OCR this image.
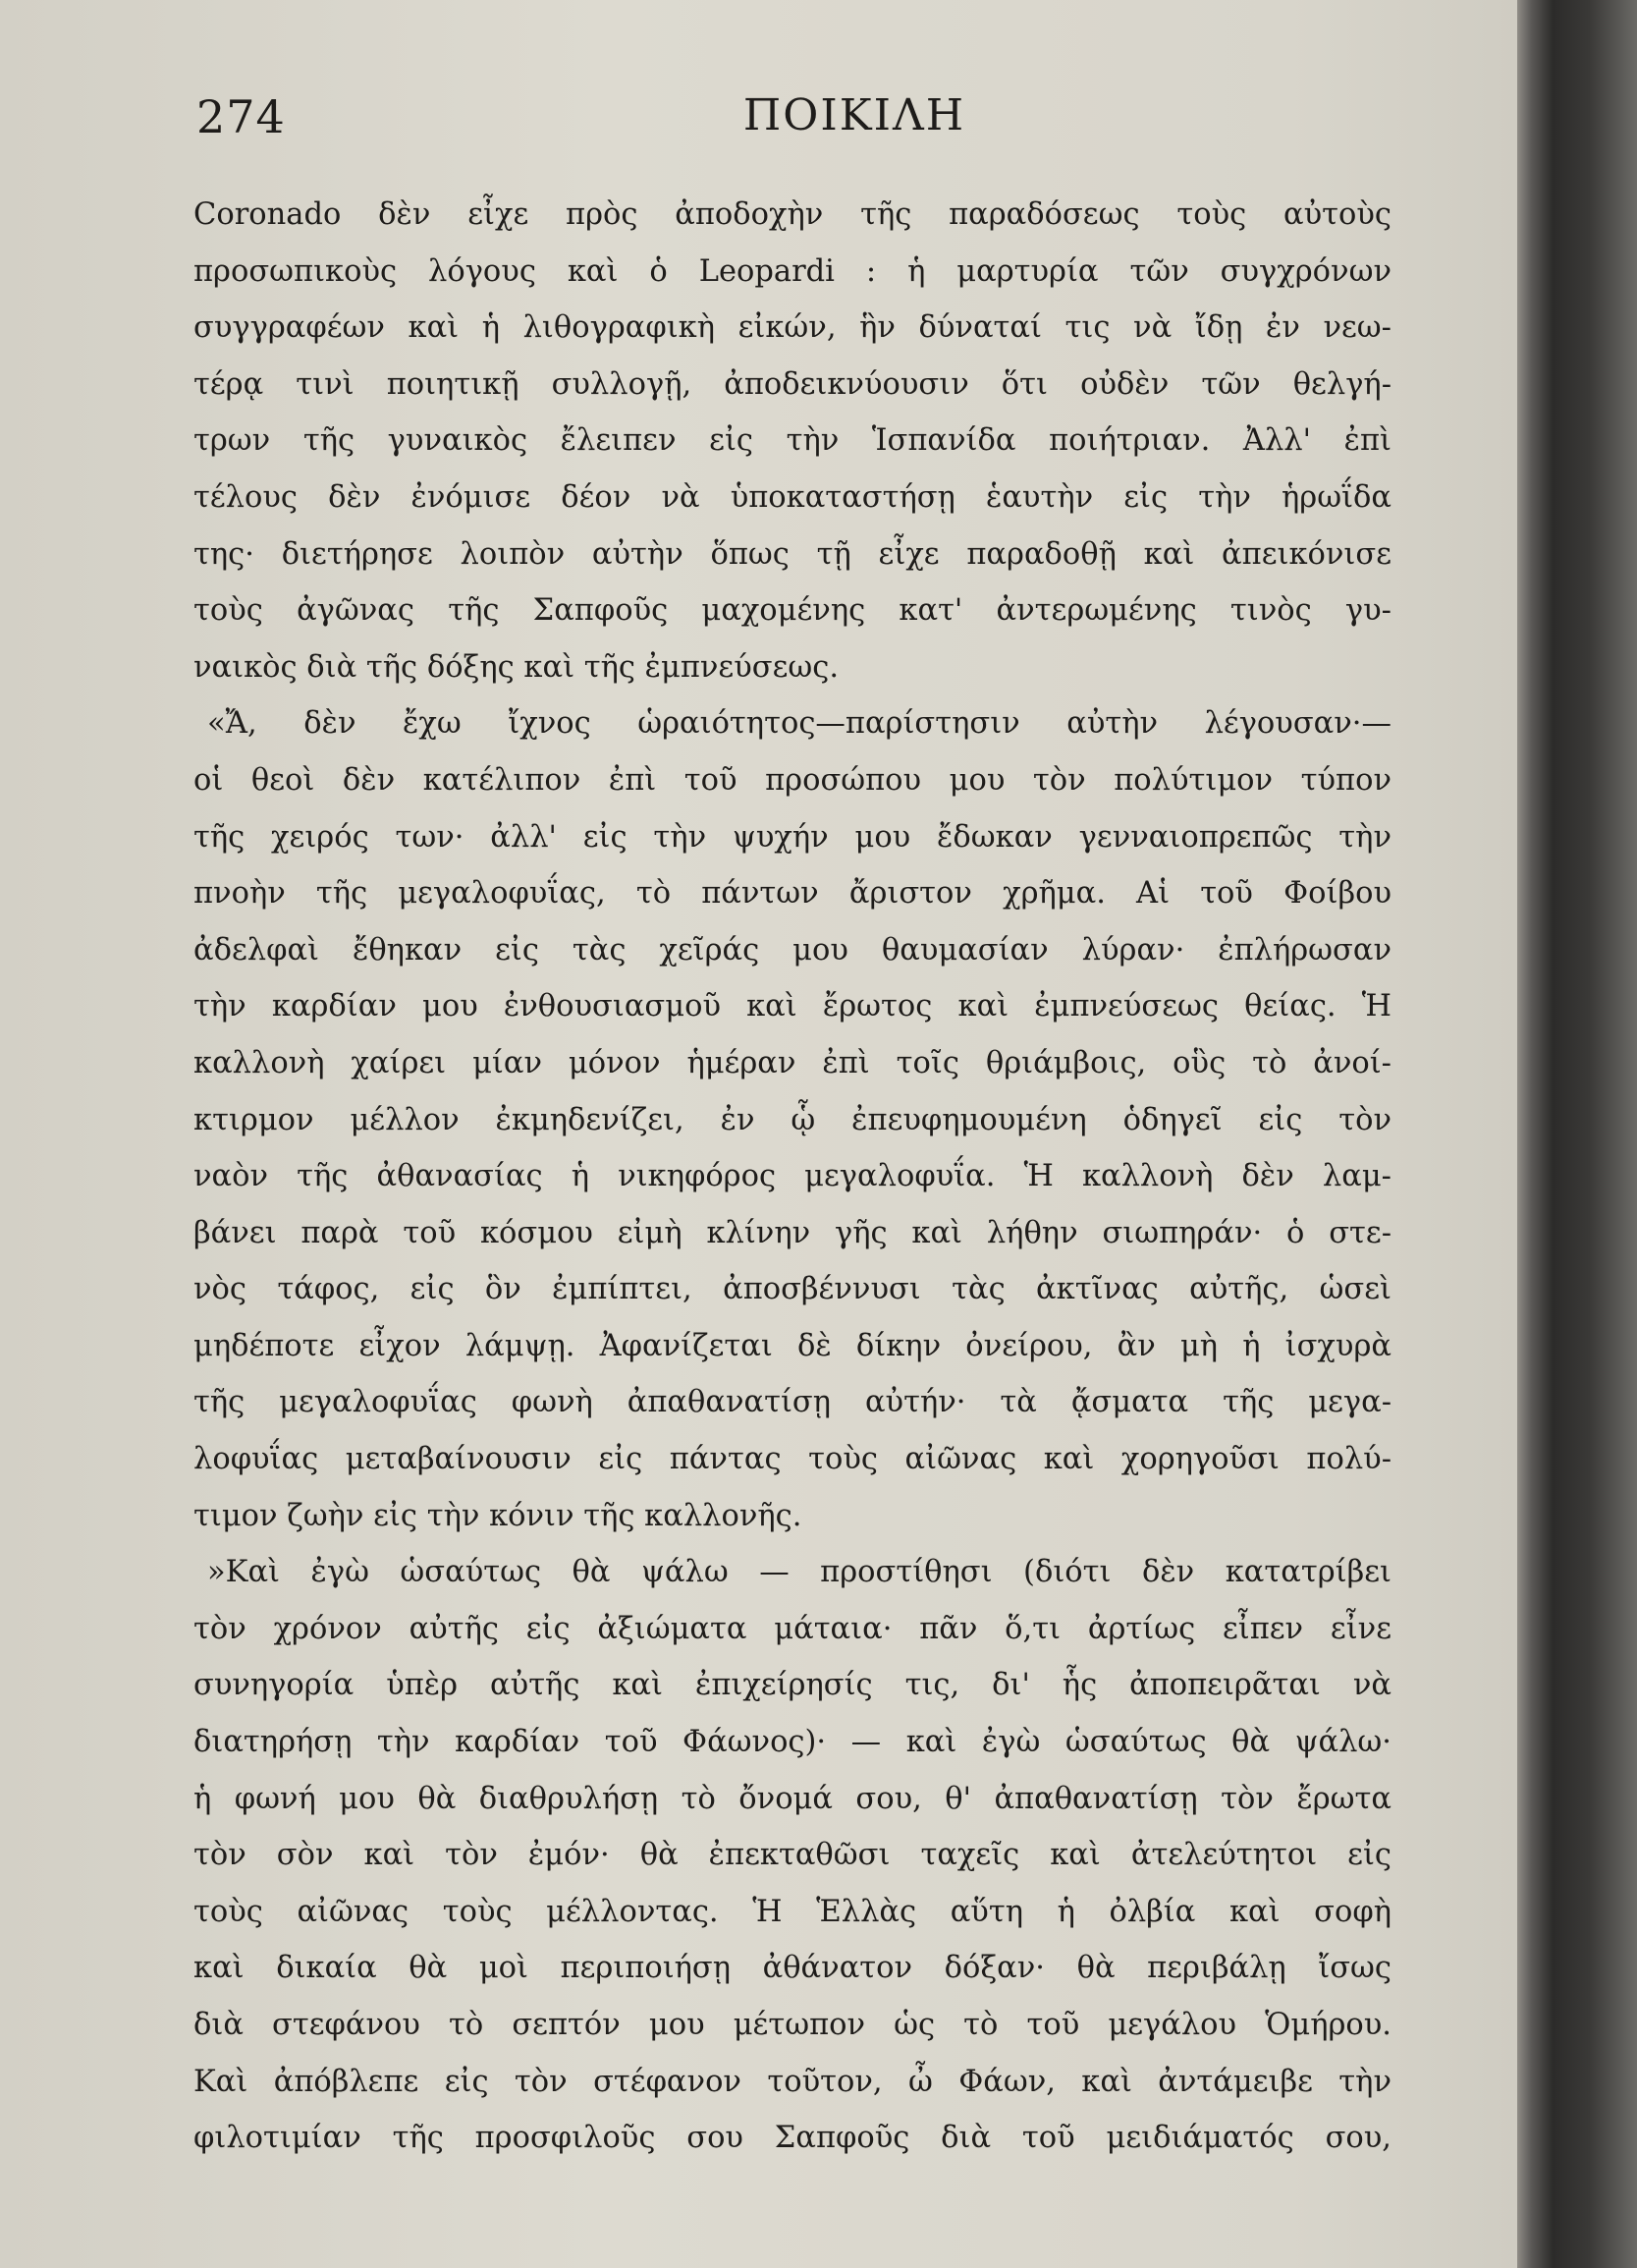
274	ΠΟΙΚΙΛΗ
Coronado δὲν εἶχε πρὸς ἀποδοχὴν τῆς παραδόσεως τοὺς αὐτοὺς
προσωπικοὺς λόγους καὶ ὁ Leopardi : ἡ μαρτυρία τῶν συγχρόνων
συγγραφέων καὶ ἡ λιθογραφικὴ εἰκών, ἣν δύναταί τις νὰ ἴδῃ ἐν νεω-
τέρᾳ τινὶ ποιητικῇ συλλογῇ, ἀποδεικνύουσιν ὅτι οὐδὲν τῶν θελγή-
τρων τῆς γυναικὸς ἔλειπεν εἰς τὴν Ἱσπανίδα ποιήτριαν. Ἀλλ' ἐπὶ
τέλους δὲν ἐνόμισε δέον νὰ ὑποκαταστήσῃ ἑαυτὴν εἰς τὴν ἡρωΐδα
της· διετήρησε λοιπὸν αὐτὴν ὅπως τῇ εἶχε παραδοθῇ καὶ ἀπεικόνισε
τοὺς ἀγῶνας τῆς Σαπφοῦς μαχομένης κατ' ἀντερωμένης τινὸς γυ-
ναικὸς διὰ τῆς δόξης καὶ τῆς ἐμπνεύσεως.
«Ἄ, δὲν ἔχω ἴχνος ὡραιότητος—παρίστησιν αὐτὴν λέγουσαν·—
οἱ θεοὶ δὲν κατέλιπον ἐπὶ τοῦ προσώπου μου τὸν πολύτιμον τύπον
τῆς χειρός των· ἀλλ' εἰς τὴν ψυχήν μου ἔδωκαν γενναιοπρεπῶς τὴν
πνοὴν τῆς μεγαλοφυΐας, τὸ πάντων ἄριστον χρῆμα. Αἱ τοῦ Φοίβου
ἀδελφαὶ ἔθηκαν εἰς τὰς χεῖράς μου θαυμασίαν λύραν· ἐπλήρωσαν
τὴν καρδίαν μου ἐνθουσιασμοῦ καὶ ἔρωτος καὶ ἐμπνεύσεως θείας. Ἡ
καλλονὴ χαίρει μίαν μόνον ἡμέραν ἐπὶ τοῖς θριάμβοις, οὓς τὸ ἀνοί-
κτιρμον μέλλον ἐκμηδενίζει, ἐν ᾧ ἐπευφημουμένη ὁδηγεῖ εἰς τὸν
ναὸν τῆς ἀθανασίας ἡ νικηφόρος μεγαλοφυΐα. Ἡ καλλονὴ δὲν λαμ-
βάνει παρὰ τοῦ κόσμου εἰμὴ κλίνην γῆς καὶ λήθην σιωπηράν· ὁ στε-
νὸς τάφος, εἰς ὃν ἐμπίπτει, ἀποσβέννυσι τὰς ἀκτῖνας αὐτῆς, ὡσεὶ
μηδέποτε εἶχον λάμψῃ. Ἀφανίζεται δὲ δίκην ὀνείρου, ἂν μὴ ἡ ἰσχυρὰ
τῆς μεγαλοφυΐας φωνὴ ἀπαθανατίσῃ αὐτήν· τὰ ᾄσματα τῆς μεγα-
λοφυΐας μεταβαίνουσιν εἰς πάντας τοὺς αἰῶνας καὶ χορηγοῦσι πολύ-
τιμον ζωὴν εἰς τὴν κόνιν τῆς καλλονῆς.
»Καὶ ἐγὼ ὡσαύτως θὰ ψάλω — προστίθησι (διότι δὲν κατατρίβει
τὸν χρόνον αὐτῆς εἰς ἀξιώματα μάταια· πᾶν ὅ,τι ἀρτίως εἶπεν εἶνε
συνηγορία ὑπὲρ αὐτῆς καὶ ἐπιχείρησίς τις, δι' ἧς ἀποπειρᾶται νὰ
διατηρήσῃ τὴν καρδίαν τοῦ Φάωνος)· — καὶ ἐγὼ ὡσαύτως θὰ ψάλω·
ἡ φωνή μου θὰ διαθρυλήσῃ τὸ ὄνομά σου, θ' ἀπαθανατίσῃ τὸν ἔρωτα
τὸν σὸν καὶ τὸν ἐμόν· θὰ ἐπεκταθῶσι ταχεῖς καὶ ἀτελεύτητοι εἰς
τοὺς αἰῶνας τοὺς μέλλοντας. Ἡ Ἑλλὰς αὕτη ἡ ὀλβία καὶ σοφὴ
καὶ δικαία θὰ μοὶ περιποιήσῃ ἀθάνατον δόξαν· θὰ περιβάλῃ ἴσως
διὰ στεφάνου τὸ σεπτόν μου μέτωπον ὡς τὸ τοῦ μεγάλου Ὁμήρου.
Καὶ ἀπόβλεπε εἰς τὸν στέφανον τοῦτον, ὦ Φάων, καὶ ἀντάμειβε τὴν
φιλοτιμίαν τῆς προσφιλοῦς σου Σαπφοῦς διὰ τοῦ μειδιάματός σου,
